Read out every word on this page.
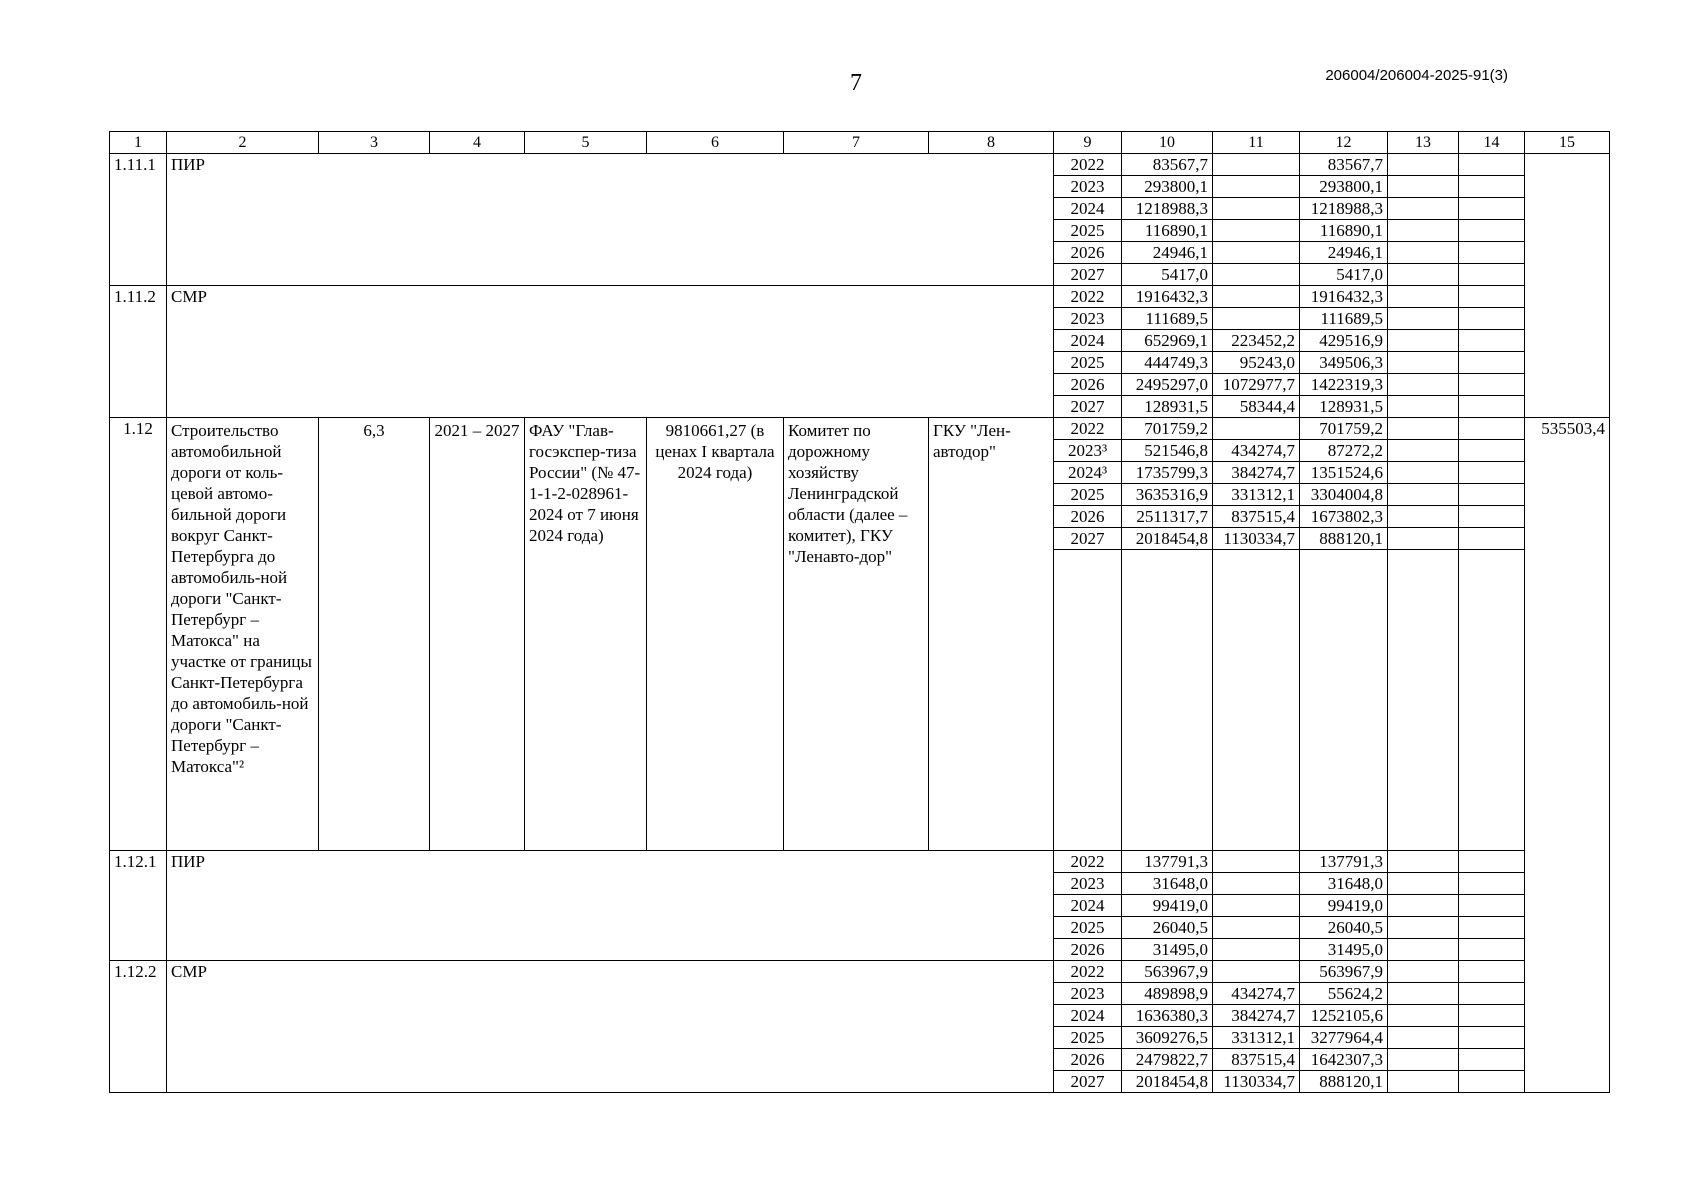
7	206004/206004-2025-91(3)
1	2	3	4	5	6	7	8	9	10	11	12	13	14	15
1.11.1	ПИР							2022	83567,7		83567,7			
								2023	293800,1		293800,1			
								2024	1218988,3		1218988,3			
								2025	116890,1		116890,1			
								2026	24946,1		24946,1			
								2027	5417,0		5417,0			
1.11.2	СМР							2022	1916432,3		1916432,3			
								2023	111689,5		111689,5			
								2024	652969,1	223452,2	429516,9			
								2025	444749,3	95243,0	349506,3			
								2026	2495297,0	1072977,7	1422319,3			
								2027	128931,5	58344,4	128931,5			
1.12	Строительство автомобильной дороги от коль-цевой автомо-бильной дороги вокруг Санкт-Петербурга до автомобиль-ной дороги "Санкт-Петербург – Матокса" на участке от границы Санкт-Петербурга до автомобиль-ной дороги "Санкт-Петербург – Матокса"²	6,3	2021 – 2027	ФАУ "Глав-госэкспер-тиза России" (№ 47-1-1-2-028961-2024 от 7 июня 2024 года)	9810661,27 (в ценах I квартала 2024 года)	Комитет по дорожному хозяйству Ленинградской области (далее – комитет), ГКУ "Ленавто-дор"	ГКУ "Лен-автодор"	2022	701759,2		701759,2			535503,4
								2023³	521546,8	434274,7	87272,2			
								2024³	1735799,3	384274,7	1351524,6			
								2025	3635316,9	331312,1	3304004,8			
								2026	2511317,7	837515,4	1673802,3			
								2027	2018454,8	1130334,7	888120,1			

1.12.1	ПИР							2022	137791,3		137791,3			
								2023	31648,0		31648,0			
								2024	99419,0		99419,0			
								2025	26040,5		26040,5			
								2026	31495,0		31495,0			
1.12.2	СМР							2022	563967,9		563967,9			
								2023	489898,9	434274,7	55624,2			
								2024	1636380,3	384274,7	1252105,6			
								2025	3609276,5	331312,1	3277964,4			
								2026	2479822,7	837515,4	1642307,3			
								2027	2018454,8	1130334,7	888120,1			
